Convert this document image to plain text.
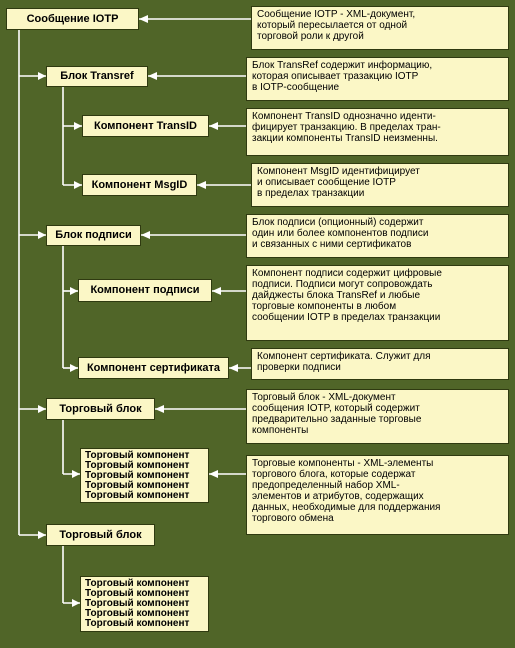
Сообщение IOTP
Блок Transref
Компонент TransID
Компонент MsgID
Блок подписи
Компонент подписи
Компонент сертификата
Торговый блок
Торговый блок
Торговый компонент
Торговый компонент
Торговый компонент
Торговый компонент
Торговый компонент
Торговый компонент
Торговый компонент
Торговый компонент
Торговый компонент
Торговый компонент
Сообщение IOTP - XML-документ,
который пересылается от одной
торговой роли к другой
Блок TransRef содержит информацию,
которая описывает тразакцию IOTP
в IOTP-сообщение
Компонент TransID однозначно иденти-
фицирует транзакцию. В пределах тран-
закции компоненты TransID неизменны.
Компонент MsgID идентифицирует
и описывает сообщение IOTP
в пределах транзакции
Блок подписи (опционный) содержит
один или более компонентов подписи
и связанных с ними сертификатов
Компонент подписи содержит цифровые
подписи. Подписи могут сопровождать
дайджесты блока TransRef и любые
торговые компоненты в любом
сообщении IOTP в пределах транзакции
Компонент сертификата. Служит для
проверки подписи
Торговый блок - XML-документ
сообщения IOTP, который содержит
предварительно заданные торговые
компоненты
Торговые компоненты - XML-элементы
торгового блога, которые содержат
предопределенный набор XML-
элементов и атрибутов, содержащих
данных, необходимые для поддержания
торгового обмена
